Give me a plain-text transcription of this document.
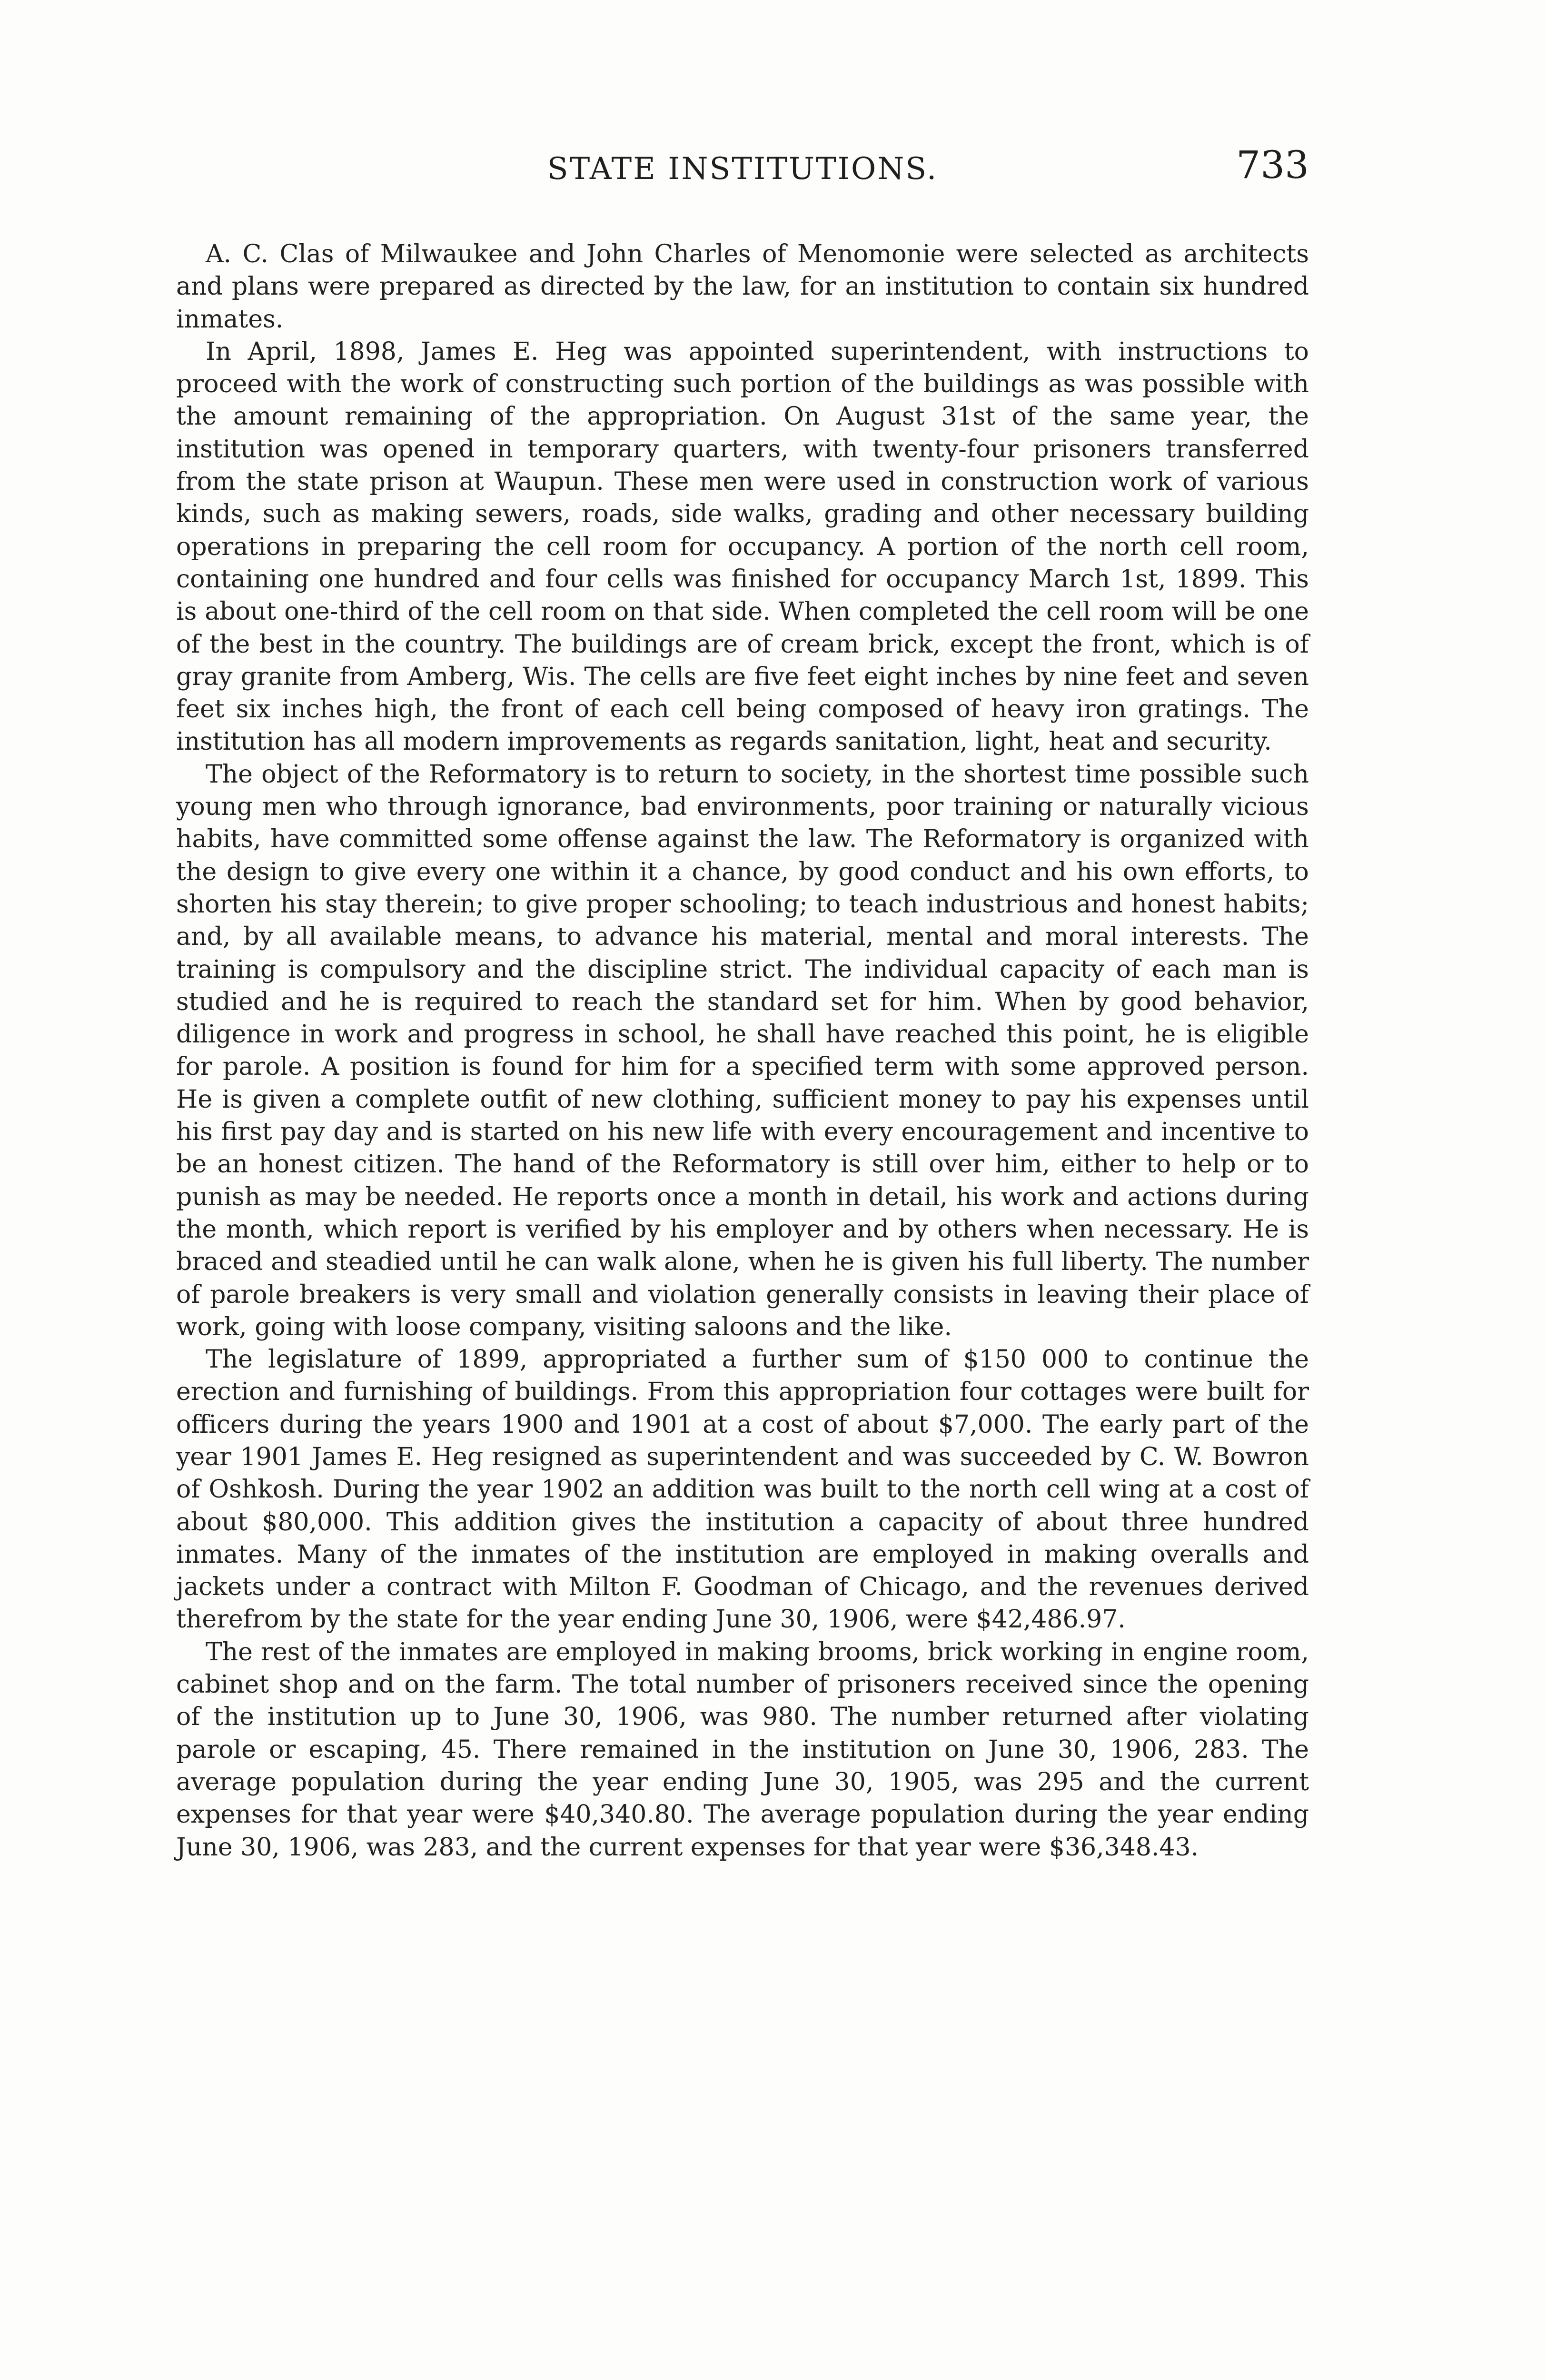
STATE INSTITUTIONS.	733

A. C. Clas of Milwaukee and John Charles of Menomonie were selected as architects and plans were prepared as directed by the law, for an institution to contain six hundred inmates.

In April, 1898, James E. Heg was appointed superintendent, with instructions to proceed with the work of constructing such portion of the buildings as was possible with the amount remaining of the appropriation. On August 31st of the same year, the institution was opened in temporary quarters, with twenty-four prisoners transferred from the state prison at Waupun. These men were used in construction work of various kinds, such as making sewers, roads, side walks, grading and other necessary building operations in preparing the cell room for occupancy. A portion of the north cell room, containing one hundred and four cells was finished for occupancy March 1st, 1899. This is about one-third of the cell room on that side. When completed the cell room will be one of the best in the country. The buildings are of cream brick, except the front, which is of gray granite from Amberg, Wis. The cells are five feet eight inches by nine feet and seven feet six inches high, the front of each cell being composed of heavy iron gratings. The institution has all modern improvements as regards sanitation, light, heat and security.

The object of the Reformatory is to return to society, in the shortest time possible such young men who through ignorance, bad environments, poor training or naturally vicious habits, have committed some offense against the law. The Reformatory is organized with the design to give every one within it a chance, by good conduct and his own efforts, to shorten his stay therein; to give proper schooling; to teach industrious and honest habits; and, by all available means, to advance his material, mental and moral interests. The training is compulsory and the discipline strict. The individual capacity of each man is studied and he is required to reach the standard set for him. When by good behavior, diligence in work and progress in school, he shall have reached this point, he is eligible for parole. A position is found for him for a specified term with some approved person. He is given a complete outfit of new clothing, sufficient money to pay his expenses until his first pay day and is started on his new life with every encouragement and incentive to be an honest citizen. The hand of the Reformatory is still over him, either to help or to punish as may be needed. He reports once a month in detail, his work and actions during the month, which report is verified by his employer and by others when necessary. He is braced and steadied until he can walk alone, when he is given his full liberty. The number of parole breakers is very small and violation generally consists in leaving their place of work, going with loose company, visiting saloons and the like.

The legislature of 1899, appropriated a further sum of $150 000 to continue the erection and furnishing of buildings. From this appropriation four cottages were built for officers during the years 1900 and 1901 at a cost of about $7,000. The early part of the year 1901 James E. Heg resigned as superintendent and was succeeded by C. W. Bowron of Oshkosh. During the year 1902 an addition was built to the north cell wing at a cost of about $80,000. This addition gives the institution a capacity of about three hundred inmates. Many of the inmates of the institution are employed in making overalls and jackets under a contract with Milton F. Goodman of Chicago, and the revenues derived therefrom by the state for the year ending June 30, 1906, were $42,486.97.

The rest of the inmates are employed in making brooms, brick working in engine room, cabinet shop and on the farm. The total number of prisoners received since the opening of the institution up to June 30, 1906, was 980. The number returned after violating parole or escaping, 45. There remained in the institution on June 30, 1906, 283. The average population during the year ending June 30, 1905, was 295 and the current expenses for that year were $40,340.80. The average population during the year ending June 30, 1906, was 283, and the current expenses for that year were $36,348.43.
